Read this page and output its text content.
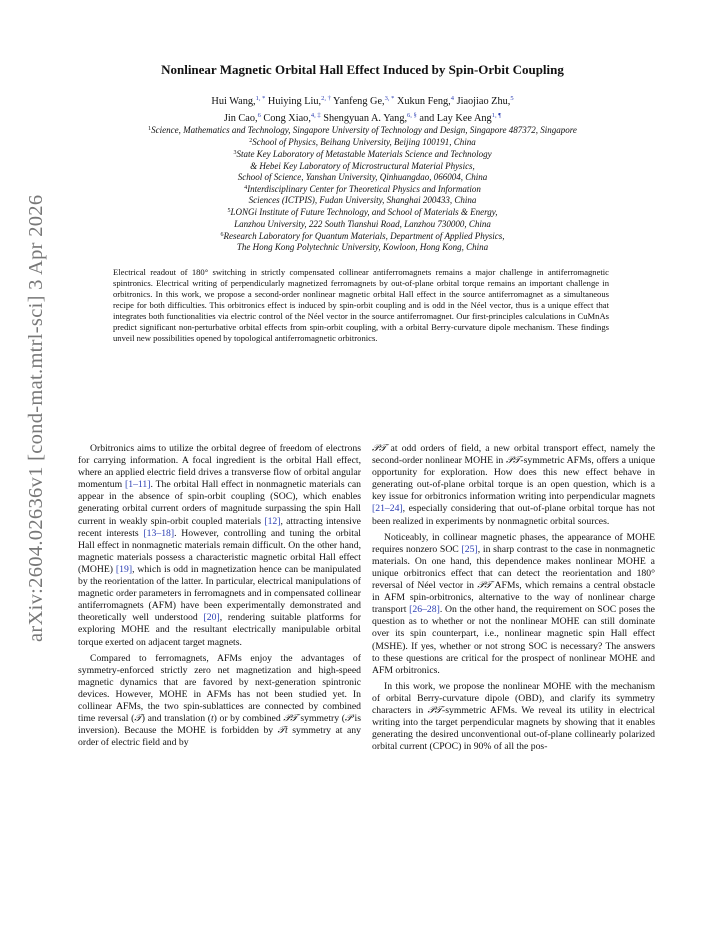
arXiv:2604.02636v1 [cond-mat.mtrl-sci] 3 Apr 2026
Nonlinear Magnetic Orbital Hall Effect Induced by Spin-Orbit Coupling
Hui Wang,$^{1, *}$ Huiying Liu,$^{2, \dagger}$ Yanfeng Ge,$^{3, *}$ Xukun Feng,$^4$ Jiaojiao Zhu,$^5$
Jin Cao,$^6$ Cong Xiao,$^{4, \ddagger}$ Shengyuan A. Yang,$^{6, \S}$ and Lay Kee Ang$^{1, \P}$
$^1$Science, Mathematics and Technology, Singapore University of Technology and Design, Singapore 487372, Singapore
$^2$School of Physics, Beihang University, Beijing 100191, China
$^3$State Key Laboratory of Metastable Materials Science and Technology
& Hebei Key Laboratory of Microstructural Material Physics,
School of Science, Yanshan University, Qinhuangdao, 066004, China
$^4$Interdisciplinary Center for Theoretical Physics and Information
Sciences (ICTPIS), Fudan University, Shanghai 200433, China
$^5$LONGi Institute of Future Technology, and School of Materials & Energy,
Lanzhou University, 222 South Tianshui Road, Lanzhou 730000, China
$^6$Research Laboratory for Quantum Materials, Department of Applied Physics,
The Hong Kong Polytechnic University, Kowloon, Hong Kong, China
Electrical readout of 180° switching in strictly compensated collinear antiferromagnets remains a major challenge in antiferromagnetic spintronics. Electrical writing of perpendicularly magnetized ferromagnets by out-of-plane orbital torque remains an important challenge in orbitronics. In this work, we propose a second-order nonlinear magnetic orbital Hall effect in the source antiferromagnet as a simultaneous recipe for both difficulties. This orbitronics effect is induced by spin-orbit coupling and is odd in the Néel vector, thus is a unique effect that integrates both functionalities via electric control of the Néel vector in the source antiferromagnet. Our first-principles calculations in CuMnAs predict significant non-perturbative orbital effects from spin-orbit coupling, with a orbital Berry-curvature dipole mechanism. These findings unveil new possibilities opened by topological antiferromagnetic orbitronics.

Orbitronics aims to utilize the orbital degree of freedom of electrons for carrying information. A focal ingredient is the orbital Hall effect, where an applied electric field drives a transverse flow of orbital angular momentum [1–11]. The orbital Hall effect in nonmagnetic materials can appear in the absence of spin-orbit coupling (SOC), which enables generating orbital current orders of magnitude surpassing the spin Hall current in weakly spin-orbit coupled materials [12], attracting intensive recent interests [13–18]. However, controlling and tuning the orbital Hall effect in nonmagnetic materials remain difficult. On the other hand, magnetic materials possess a characteristic magnetic orbital Hall effect (MOHE) [19], which is odd in magnetization hence can be manipulated by the reorientation of the latter. In particular, electrical manipulations of magnetic order parameters in ferromagnets and in compensated collinear antiferromagnets (AFM) have been experimentally demonstrated and theoretically well understood [20], rendering suitable platforms for exploring MOHE and the resultant electrically manipulable orbital torque exerted on adjacent target magnets.

Compared to ferromagnets, AFMs enjoy the advantages of symmetry-enforced strictly zero net magnetization and high-speed magnetic dynamics that are favored by next-generation spintronic devices. However, MOHE in AFMs has not been studied yet. In collinear AFMs, the two spin-sublattices are connected by combined time reversal (𝒯) and translation (t) or by combined 𝒫𝒯 symmetry (𝒫 is inversion). Because the MOHE is forbidden by 𝒯t symmetry at any order of electric field and by

𝒫𝒯 at odd orders of field, a new orbital transport effect, namely the second-order nonlinear MOHE in 𝒫𝒯-symmetric AFMs, offers a unique opportunity for exploration. How does this new effect behave in generating out-of-plane orbital torque is an open question, which is a key issue for orbitronics information writing into perpendicular magnets [21–24], especially considering that out-of-plane orbital torque has not been realized in experiments by nonmagnetic orbital sources.

Noticeably, in collinear magnetic phases, the appearance of MOHE requires nonzero SOC [25], in sharp contrast to the case in nonmagnetic materials. On one hand, this dependence makes nonlinear MOHE a unique orbitronics effect that can detect the reorientation and 180° reversal of Néel vector in 𝒫𝒯 AFMs, which remains a central obstacle in AFM spin-orbitronics, alternative to the way of nonlinear charge transport [26–28]. On the other hand, the requirement on SOC poses the question as to whether or not the nonlinear MOHE can still dominate over its spin counterpart, i.e., nonlinear magnetic spin Hall effect (MSHE). If yes, whether or not strong SOC is necessary? The answers to these questions are critical for the prospect of nonlinear MOHE and AFM orbitronics.

In this work, we propose the nonlinear MOHE with the mechanism of orbital Berry-curvature dipole (OBD), and clarify its symmetry characters in 𝒫𝒯-symmetric AFMs. We reveal its utility in electrical writing into the target perpendicular magnets by showing that it enables generating the desired unconventional out-of-plane collinearly polarized orbital current (CPOC) in 90% of all the pos-
